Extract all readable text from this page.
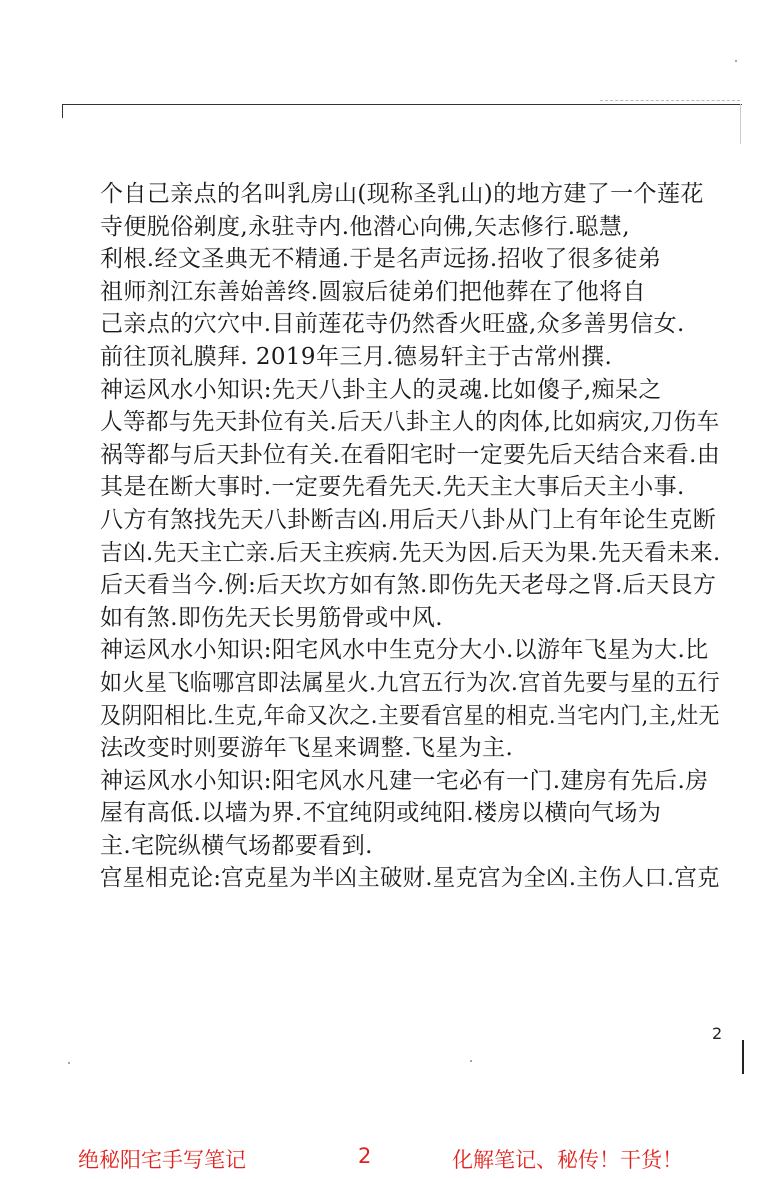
个自己亲点的名叫乳房山(现称圣乳山)的地方建了一个莲花
寺便脱俗剃度,永驻寺内.他潜心向佛,矢志修行.聪慧,
利根.经文圣典无不精通.于是名声远扬.招收了很多徒弟
祖师剂江东善始善终.圆寂后徒弟们把他葬在了他将自
己亲点的穴穴中.目前莲花寺仍然香火旺盛,众多善男信女.
前往顶礼膜拜. 2019年三月.德易轩主于古常州撰.
神运风水小知识:先天八卦主人的灵魂.比如傻子,痴呆之
人等都与先天卦位有关.后天八卦主人的肉体,比如病灾,刀伤车
祸等都与后天卦位有关.在看阳宅时一定要先后天结合来看.由
其是在断大事时.一定要先看先天.先天主大事后天主小事.
八方有煞找先天八卦断吉凶.用后天八卦从门上有年论生克断
吉凶.先天主亡亲.后天主疾病.先天为因.后天为果.先天看未来.
后天看当今.例:后天坎方如有煞.即伤先天老母之肾.后天艮方
如有煞.即伤先天长男筋骨或中风.
神运风水小知识:阳宅风水中生克分大小.以游年飞星为大.比
如火星飞临哪宫即法属星火.九宫五行为次.宫首先要与星的五行
及阴阳相比.生克,年命又次之.主要看宫星的相克.当宅内门,主,灶无
法改变时则要游年飞星来调整.飞星为主.
神运风水小知识:阳宅风水凡建一宅必有一门.建房有先后.房
屋有高低.以墙为界.不宜纯阴或纯阳.楼房以横向气场为
主.宅院纵横气场都要看到.
宫星相克论:宫克星为半凶主破财.星克宫为全凶.主伤人口.宫克
2
绝秘阳宅手写笔记	2	化解笔记、秘传！干货！
